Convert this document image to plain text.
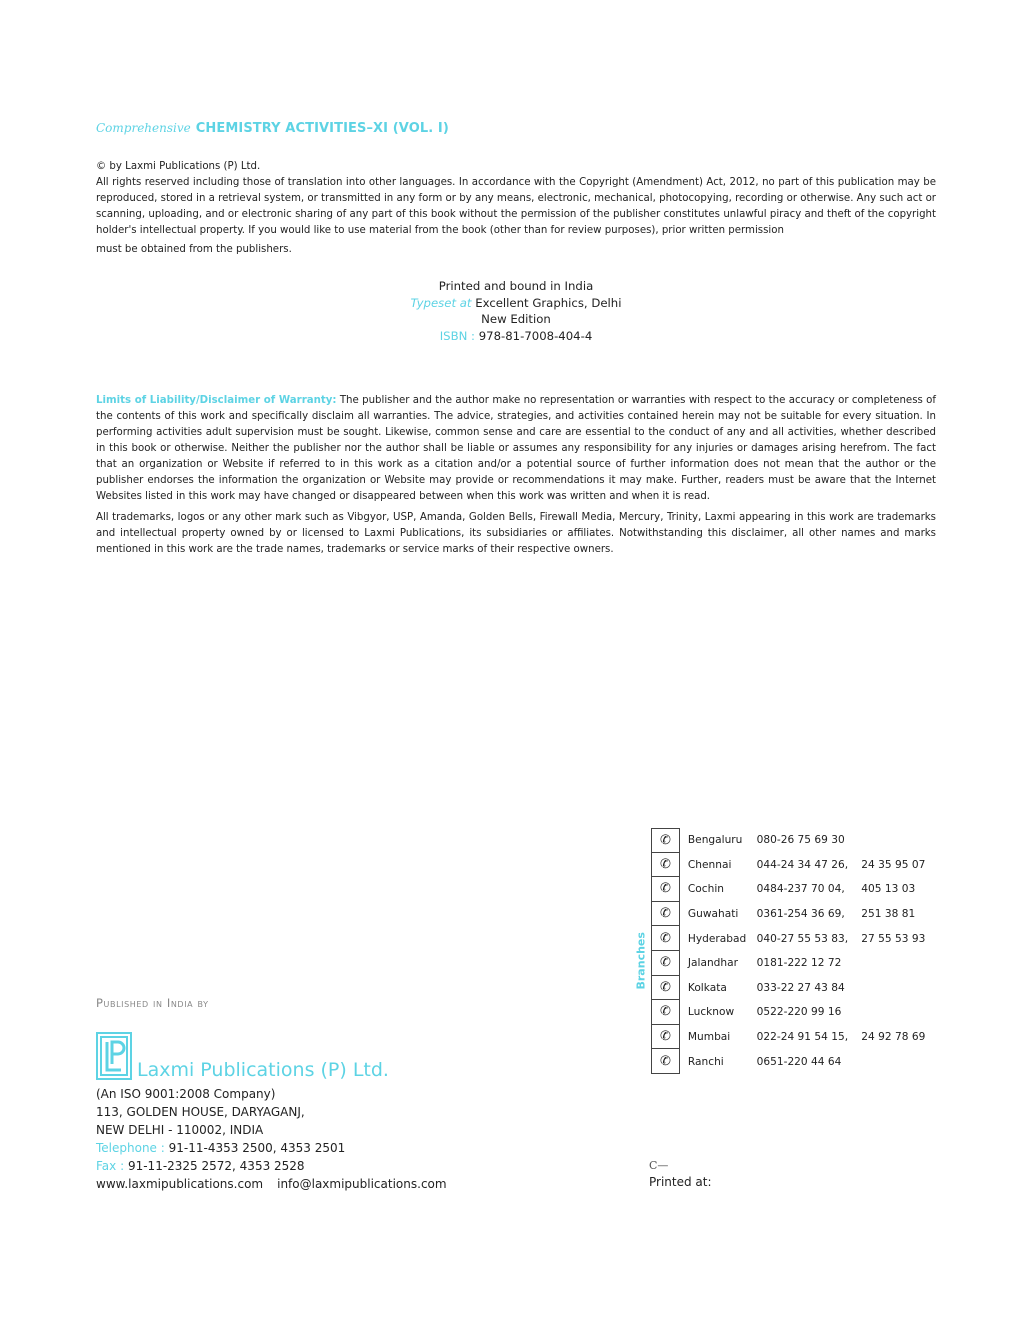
Comprehensive CHEMISTRY ACTIVITIES–XI (VOL. I)

© by Laxmi Publications (P) Ltd.

All rights reserved including those of translation into other languages. In accordance with the Copyright (Amendment) Act, 2012, no part of this publication may be reproduced, stored in a retrieval system, or transmitted in any form or by any means, electronic, mechanical, photocopying, recording or otherwise. Any such act or scanning, uploading, and or electronic sharing of any part of this book without the permission of the publisher constitutes unlawful piracy and theft of the copyright holder's intellectual property. If you would like to use material from the book (other than for review purposes), prior written permission

must be obtained from the publishers.

Printed and bound in India
Typeset at Excellent Graphics, Delhi
New Edition
ISBN : 978-81-7008-404-4

Limits of Liability/Disclaimer of Warranty: The publisher and the author make no representation or warranties with respect to the accuracy or completeness of the contents of this work and specifically disclaim all warranties. The advice, strategies, and activities contained herein may not be suitable for every situation. In performing activities adult supervision must be sought. Likewise, common sense and care are essential to the conduct of any and all activities, whether described in this book or otherwise. Neither the publisher nor the author shall be liable or assumes any responsibility for any injuries or damages arising herefrom. The fact that an organization or Website if referred to in this work as a citation and/or a potential source of further information does not mean that the author or the publisher endorses the information the organization or Website may provide or recommendations it may make. Further, readers must be aware that the Internet Websites listed in this work may have changed or disappeared between when this work was written and when it is read.

All trademarks, logos or any other mark such as Vibgyor, USP, Amanda, Golden Bells, Firewall Media, Mercury, Trinity, Laxmi appearing in this work are trademarks and intellectual property owned by or licensed to Laxmi Publications, its subsidiaries or affiliates. Notwithstanding this disclaimer, all other names and marks mentioned in this work are the trade names, trademarks or service marks of their respective owners.

Branches
✆	Bengaluru	080-26 75 69 30
✆	Chennai	044-24 34 47 26,	24 35 95 07
✆	Cochin	0484-237 70 04,	405 13 03
✆	Guwahati	0361-254 36 69,	251 38 81
✆	Hyderabad 040-27 55 53 83,	27 55 53 93
✆	Jalandhar	0181-222 12 72
✆	Kolkata	033-22 27 43 84
✆	Lucknow	0522-220 99 16
✆	Mumbai	022-24 91 54 15,	24 92 78 69
✆	Ranchi	0651-220 44 64
Published in India by
Laxmi Publications (P) Ltd.
(An ISO 9001:2008 Company)
113, GOLDEN HOUSE, DARYAGANJ,
NEW DELHI - 110002, INDIA
Telephone : 91-11-4353 2500, 4353 2501
Fax : 91-11-2325 2572, 4353 2528
www.laxmipublications.com info@laxmipublications.com
C—
Printed at:
